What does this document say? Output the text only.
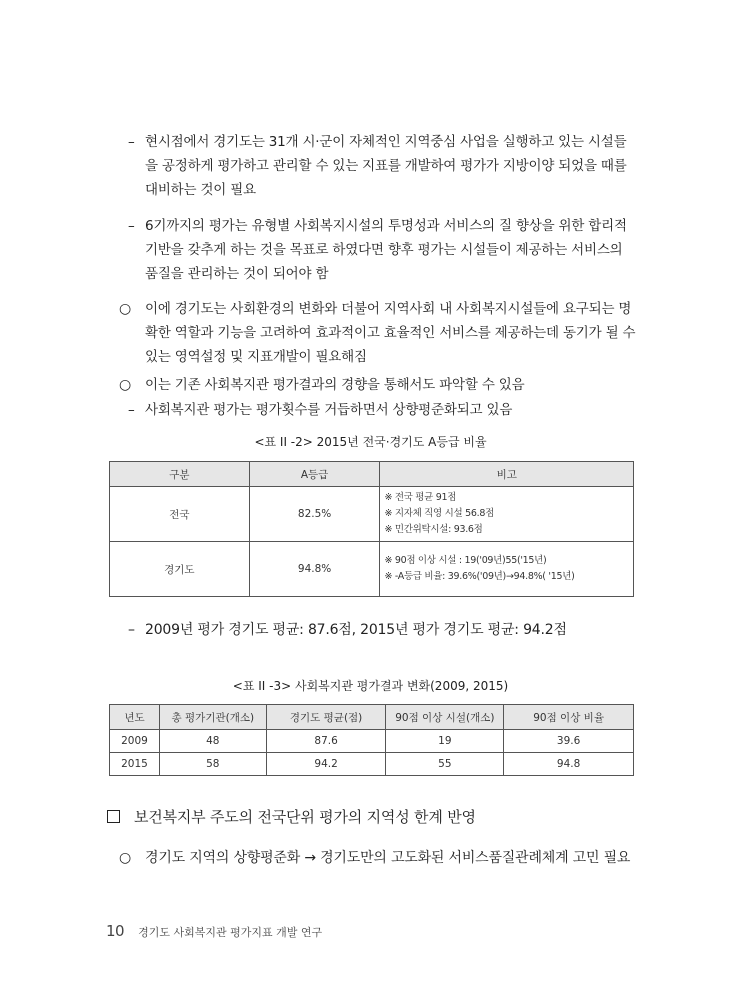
– 현시점에서 경기도는 31개 시·군이 자체적인 지역중심 사업을 실행하고 있는 시설들을 공정하게 평가하고 관리할 수 있는 지표를 개발하여 평가가 지방이양 되었을 때를 대비하는 것이 필요
– 6기까지의 평가는 유형별 사회복지시설의 투명성과 서비스의 질 향상을 위한 합리적 기반을 갖추게 하는 것을 목표로 하였다면 향후 평가는 시설들이 제공하는 서비스의 품질을 관리하는 것이 되어야 함
○ 이에 경기도는 사회환경의 변화와 더불어 지역사회 내 사회복지시설들에 요구되는 명확한 역할과 기능을 고려하여 효과적이고 효율적인 서비스를 제공하는데 동기가 될 수 있는 영역설정 및 지표개발이 필요해짐
○ 이는 기존 사회복지관 평가결과의 경향을 통해서도 파악할 수 있음
– 사회복지관 평가는 평가횟수를 거듭하면서 상향평준화되고 있음
<표 II -2> 2015년 전국·경기도 A등급 비율
구분	A등급	비고
전국	82.5%	※ 전국 평균 91점
※ 지자체 직영 시설 56.8점
※ 민간위탁시설: 93.6점

경기도	94.8%	※ 90점 이상 시설 : 19('09년)55('15년)
※ -A등급 비율: 39.6%('09년)→94.8%( '15년)
– 2009년 평가 경기도 평균: 87.6점, 2015년 평가 경기도 평균: 94.2점
<표 II -3> 사회복지관 평가결과 변화(2009, 2015)
년도	총 평가기관(개소)	경기도 평균(점)	90점 이상 시설(개소)	90점 이상 비율
2009	48	87.6	19	39.6
2015	58	94.2	55	94.8
보건복지부 주도의 전국단위 평가의 지역성 한계 반영
○ 경기도 지역의 상향평준화 → 경기도만의 고도화된 서비스품질관례체계 고민 필요
10 경기도 사회복지관 평가지표 개발 연구
